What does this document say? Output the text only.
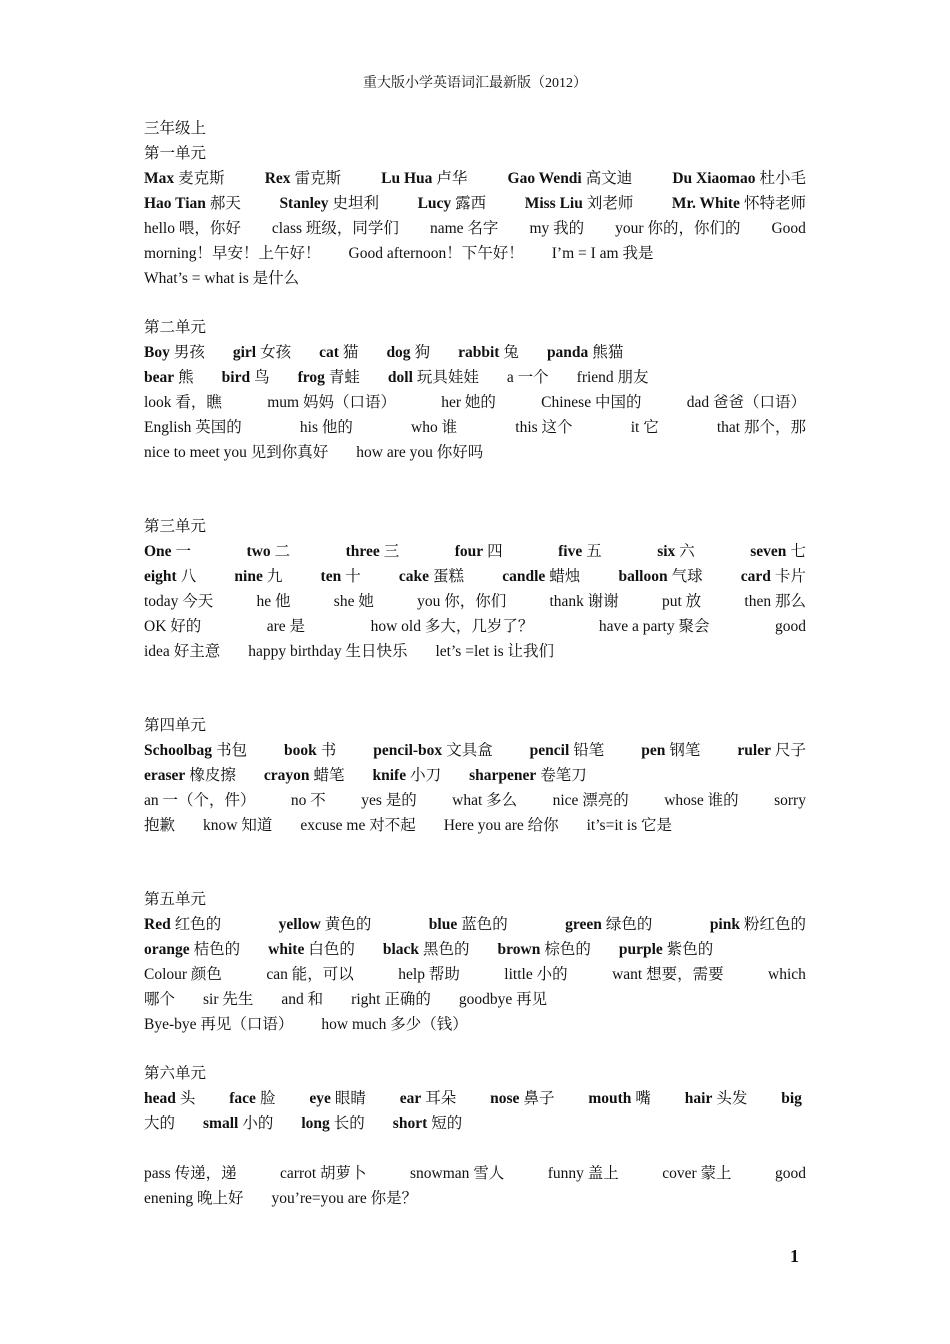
重大版小学英语词汇最新版（2012）
三年级上
第一单元
Max 麦克斯	Rex 雷克斯	Lu Hua 卢华	Gao Wendi 高文迪	Du Xiaomao 杜小毛
Hao Tian 郝天 Stanley 史坦利 Lucy 露西 Miss Liu 刘老师 Mr. White 怀特老师
hello 喂，你好 class 班级，同学们 name 名字 my 我的 your 你的，你们的 Good
morning！早安！上午好！ Good afternoon！下午好！ I’m = I am 我是
What’s = what is 是什么
第二单元
Boy 男孩 girl 女孩 cat 猫 dog 狗 rabbit 兔 panda 熊猫
bear 熊 bird 鸟 frog 青蛙 doll 玩具娃娃 a 一个 friend 朋友
look 看，瞧	mum 妈妈（口语）	her 她的	Chinese 中国的	dad 爸爸（口语）
English 英国的	his 他的	who 谁	this 这个	it 它	that 那个，那
nice to meet you 见到你真好 how are you 你好吗
第三单元
One 一	two 二	three 三	four 四	five 五	six 六	seven 七
eight 八 nine 九 ten 十 cake 蛋糕 candle 蜡烛 balloon 气球 card 卡片
today 今天	he 他	she 她	you 你，你们	thank 谢谢	put 放	then 那么
OK 好的	are 是	how old 多大，几岁了？	have a party 聚会	good
idea 好主意 happy birthday 生日快乐 let’s =let is 让我们
第四单元
Schoolbag 书包 book 书 pencil-box 文具盒 pencil 铅笔 pen 钢笔 ruler 尺子
eraser 橡皮擦 crayon 蜡笔 knife 小刀 sharpener 卷笔刀
an 一（个，件） no 不 yes 是的 what 多么 nice 漂亮的 whose 谁的 sorry
抱歉 know 知道 excuse me 对不起 Here you are 给你 it’s=it is 它是
第五单元
Red 红色的	yellow 黄色的	blue 蓝色的	green 绿色的	pink 粉红色的
orange 桔色的 white 白色的 black 黑色的 brown 棕色的 purple 紫色的
Colour 颜色	can 能，可以	help 帮助	little 小的	want 想要，需要	which
哪个 sir 先生 and 和 right 正确的 goodbye 再见
Bye-bye 再见（口语） how much 多少（钱）
第六单元
head 头 face 脸 eye 眼睛 ear 耳朵 nose 鼻子 mouth 嘴 hair 头发 big
大的 small 小的 long 长的 short 短的
pass 传递，递	carrot 胡萝卜	snowman 雪人	funny 盖上	cover 蒙上	good
enening 晚上好 you’re=you are 你是？
1
